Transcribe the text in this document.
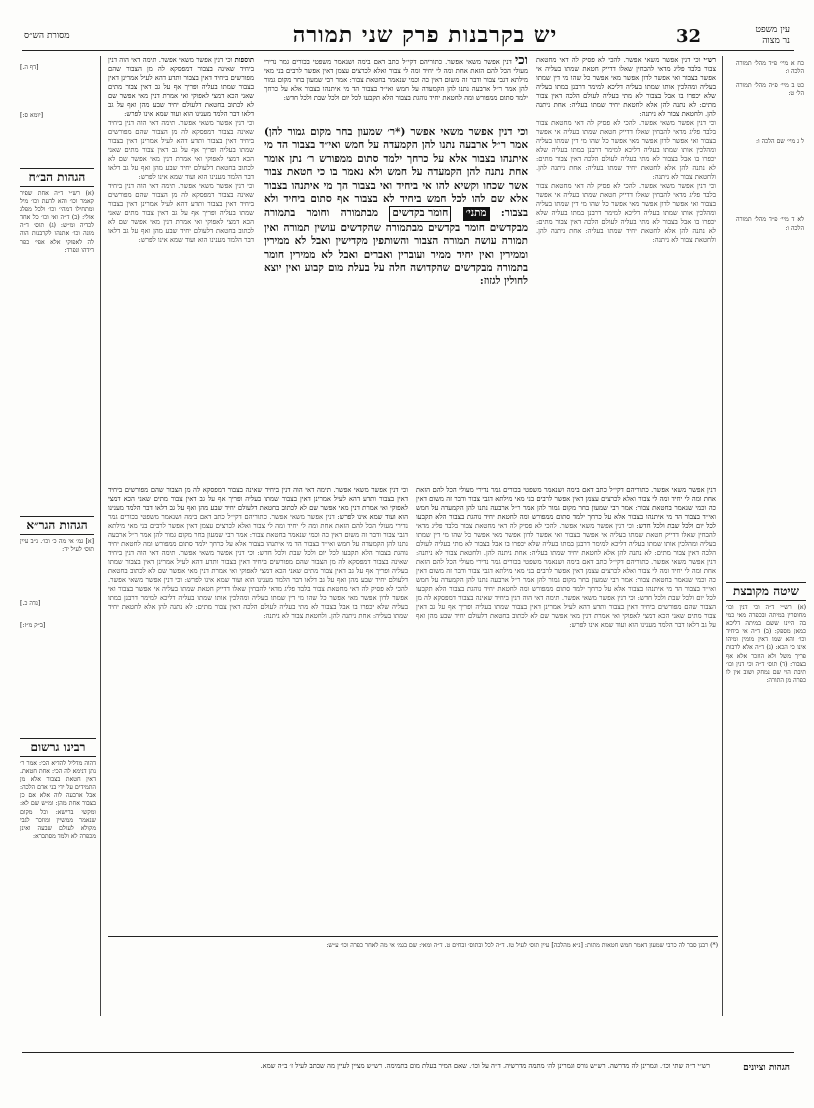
מסורת הש״ס	יש בקרבנות פרק שני תמורה	32	עין משפט
נר מצוה
כח א מיי׳ פ״ד מהל׳ תמורה הלכה ו:
כט ב מיי׳ פ״ה מהל׳ תמורה הל׳ ט:
ל ג מיי׳ שם הלכה ו:
לא ד מיי׳ פ״ד מהל׳ תמורה הלכה ו:
שיטה מקובצת
(א) רש״י ד״ה וכי דנין וכו׳ מחוסרין במיתה ובכפרה מאי כמי בה היינו ששם במיתה דליכא כמאן מספק: (ב) ד״ה אי ביחיד וכו׳ והא שמו דאין מומין ומיהו אינו כי הכא: (ג) ד״ה אלא לרבות פריך משל ולא הוזכר אלא אף בצבור: (ד) תוס׳ ד״ה וכי דנין וכו׳ תיבת הוי שם נמחק ושוב אין לו כפרה מן התורה:
[דף ה.]
[יומא ס:]
הגהות הב״ח
(א) רש״י ד״ה אחת שפיר קאמר וכו׳ והא לדעת וכו׳ מיל ומתחילו דמהי׳ וכו׳ ולכל מפלג אולי: (ב) ד״ה ואי וכו׳ כל אחד לכדיה ומ״ש: (ג) תוס׳ ד״ה מונה וכו׳ אתנהו לקרבנות הוה לה לאפוקי אלא אפי׳ כפר דידהו ונפרד:
הגהות הגר״א
[א] גמ׳ אי מה כ׳ וכו׳. נ״ב עיין תוס׳ לעיל יד:
[נדה כ.]
[ב״ק מ״ז:]
רבינו גרשום
דהוה מדליל להדיא הכי: אמר ר׳ נתן דנימא לה הכי: אחת חטאת. דאין חטאת בצבור אלא מן התמידים על ידי בני אדם הלכה: אבל ארבעה לוה אלא אם כן בצבור אחת מהן: ומ״ש שם לא: ומקשי ברישא: וכל מקום שנאמר ממשיין ומוזכר לגבי מקולא לעולם שבעה ואינן מכפרה לא ולמד מסתברא:
תוספות וכי דנין אפשר משאי אפשר. תימה דאי הוה דנין ביחיד שאינה בצבור דמפסקא לה מן הצבור שהם מפורשים ביחיד דאין בצבור ותדע דהא לעיל אמרינן דאין בצבור שמתו בעליה ופריך אף על גב דאין צבור מתים שאני הכא דמצי לאפוקי ואי אמרת דנין מאי אפשר שם לא לכתוב בחטאת דלעולם יחיד שבע מהן ואף על גב דלאו דבר הלמד מענינו הוא ועוד שמא אינו לפרש:
וכי דנין אפשר משאי אפשר. תימה דאי הוה דנין ביחיד שאינה בצבור דמפסקא לה מן הצבור שהם מפורשים ביחיד דאין בצבור ותדע דהא לעיל אמרינן דאין בצבור שמתו בעליה ופריך אף על גב דאין צבור מתים שאני הכא דמצי לאפוקי ואי אמרת דנין מאי אפשר שם לא לכתוב בחטאת דלעולם יחיד שבע מהן ואף על גב דלאו דבר הלמד מענינו הוא ועוד שמא אינו לפרש:
וכי דנין אפשר משאי אפשר. תימה דאי הוה דנין ביחיד שאינה בצבור דמפסקא לה מן הצבור שהם מפורשים ביחיד דאין בצבור ותדע דהא לעיל אמרינן דאין בצבור שמתו בעליה ופריך אף על גב דאין צבור מתים שאני הכא דמצי לאפוקי ואי אמרת דנין מאי אפשר שם לא לכתוב בחטאת דלעולם יחיד שבע מהן ואף על גב דלאו דבר הלמד מענינו הוא ועוד שמא אינו לפרש:
רש״י וכי דנין אפשר משאי אפשר. להכי לא פסיק לה דאי מחטאת צבור בלבד פליג מדאי להבחין שאלו דדייק חטאת שמתו בעליה אי אפשר בצבור ואי אפשר לדון אפשר מאי אפשר כל שהו מי דין שמתו בעליה ומהלכין אותו שמתו בעליה דליכא למימר דרבנן במתו בעליה שלא יכפרו בו אבל בצבור לא מתי בעליה לעולם הלכה דאין צבור מתים: לא נתנה להן אלא לחטאת יחיד שמתו בעליה: אחת ניתנה להן. ולחטאת צבור לא ניתנה:
וכי דנין אפשר משאי אפשר. להכי לא פסיק לה דאי מחטאת צבור בלבד פליג מדאי להבחין שאלו דדייק חטאת שמתו בעליה אי אפשר בצבור ואי אפשר לדון אפשר מאי אפשר כל שהו מי דין שמתו בעליה ומהלכין אותו שמתו בעליה דליכא למימר דרבנן במתו בעליה שלא יכפרו בו אבל בצבור לא מתי בעליה לעולם הלכה דאין צבור מתים: לא נתנה להן אלא לחטאת יחיד שמתו בעליה: אחת ניתנה להן. ולחטאת צבור לא ניתנה:
וכי דנין אפשר משאי אפשר. להכי לא פסיק לה דאי מחטאת צבור בלבד פליג מדאי להבחין שאלו דדייק חטאת שמתו בעליה אי אפשר בצבור ואי אפשר לדון אפשר מאי אפשר כל שהו מי דין שמתו בעליה ומהלכין אותו שמתו בעליה דליכא למימר דרבנן במתו בעליה שלא יכפרו בו אבל בצבור לא מתי בעליה לעולם הלכה דאין צבור מתים: לא נתנה להן אלא לחטאת יחיד שמתו בעליה: אחת ניתנה להן. ולחטאת צבור לא ניתנה:
וכי דנין אפשר משאי אפשר (*ר׳ שמעון בחר מקום גמור להן) אמר ר״ל ארבעה נתנו להן הקמעדה על חמש ואי״ד בצבור הד מי איתנהו בצבור אלא על כרחך ילמד סתום ממפורש ר׳ נתן אומר אחת נתנה להן הקמעדה על חמש ולא נאמר בו כי חטאת צבור אשר שכחו וקשיא להו אי ביחיד ואי בצבור הך מי איתנהו בצבור אלא שם להו לכל חמש ביחיד לא בצבור אף סתום ביחיד ולא בצבור: מתני׳ חומר בקדשים מבתמורה וחומר בתמורה מבקדשים חומר בקדשים מבתמורה שהקדשים עושין תמורה ואין תמורה עושה תמורה הצבור והשותפין מקדישין ואבל לא ממירין וממירין ואין יחיד ממיר ועוברין ואברים ואבל לא ממירין חומר בתמורה מבקדשים שהקדושה חלה על בעלת מום קבוע ואין יוצא לחולין לגזוז:
וכי דנין אפשר משאי אפשר. כתוריהם דקי״ל כתב דאם בימה ושנאמר משפטי בכורים גמר נדירי מעולי הכל להם הזאת אחת ומה לי יחיד ומה לי צבור ואלא לכרצים עצמן דאין אפשר לרבים בני מאי מילתא דגבי צבור ודבר זה משום דאין כה וכמי שנאמר בחטאת צבור: אמר רבי שמעון בחר מקום גמור להן אמר ר״ל ארבעה נתנו להן הקמעדה על חמש ואי״ד בצבור הד מי איתנהו בצבור אלא על כרחך ילמד סתום ממפורש ומה לחטאת יחיד נוהגת בצבור הלא תקבעו לכל יום ולכל שבת ולכל חדש:
וכי דנין אפשר משאי אפשר. תימה דאי הוה דנין ביחיד שאינה בצבור דמפסקא לה מן הצבור שהם מפורשים ביחיד דאין בצבור ותדע דהא לעיל אמרינן דאין בצבור שמתו בעליה ופריך אף על גב דאין צבור מתים שאני הכא דמצי לאפוקי ואי אמרת דנין מאי אפשר שם לא לכתוב בחטאת דלעולם יחיד שבע מהן ואף על גב דלאו דבר הלמד מענינו הוא ועוד שמא אינו לפרש: דנין אפשר משאי אפשר. כתוריהם דקי״ל כתב דאם בימה ושנאמר משפטי בכורים גמר נדירי מעולי הכל להם הזאת אחת ומה לי יחיד ומה לי צבור ואלא לכרצים עצמן דאין אפשר לרבים בני מאי מילתא דגבי צבור ודבר זה משום דאין כה וכמי שנאמר בחטאת צבור: אמר רבי שמעון בחר מקום גמור להן אמר ר״ל ארבעה נתנו להן הקמעדה על חמש ואי״ד בצבור הד מי איתנהו בצבור אלא על כרחך ילמד סתום ממפורש ומה לחטאת יחיד נוהגת בצבור הלא תקבעו לכל יום ולכל שבת ולכל חדש: וכי דנין אפשר משאי אפשר. תימה דאי הוה דנין ביחיד שאינה בצבור דמפסקא לה מן הצבור שהם מפורשים ביחיד דאין בצבור ותדע דהא לעיל אמרינן דאין בצבור שמתו בעליה ופריך אף על גב דאין צבור מתים שאני הכא דמצי לאפוקי ואי אמרת דנין מאי אפשר שם לא לכתוב בחטאת דלעולם יחיד שבע מהן ואף על גב דלאו דבר הלמד מענינו הוא ועוד שמא אינו לפרש: וכי דנין אפשר משאי אפשר. להכי לא פסיק לה דאי מחטאת צבור בלבד פליג מדאי להבחין שאלו דדייק חטאת שמתו בעליה אי אפשר בצבור ואי אפשר לדון אפשר מאי אפשר כל שהו מי דין שמתו בעליה ומהלכין אותו שמתו בעליה דליכא למימר דרבנן במתו בעליה שלא יכפרו בו אבל בצבור לא מתי בעליה לעולם הלכה דאין צבור מתים: לא נתנה להן אלא לחטאת יחיד שמתו בעליה: אחת ניתנה להן. ולחטאת צבור לא ניתנה:
דנין אפשר משאי אפשר. כתוריהם דקי״ל כתב דאם בימה ושנאמר משפטי בכורים גמר נדירי מעולי הכל להם הזאת אחת ומה לי יחיד ומה לי צבור ואלא לכרצים עצמן דאין אפשר לרבים בני מאי מילתא דגבי צבור ודבר זה משום דאין כה וכמי שנאמר בחטאת צבור: אמר רבי שמעון בחר מקום גמור להן אמר ר״ל ארבעה נתנו להן הקמעדה על חמש ואי״ד בצבור הד מי איתנהו בצבור אלא על כרחך ילמד סתום ממפורש ומה לחטאת יחיד נוהגת בצבור הלא תקבעו לכל יום ולכל שבת ולכל חדש: וכי דנין אפשר משאי אפשר. להכי לא פסיק לה דאי מחטאת צבור בלבד פליג מדאי להבחין שאלו דדייק חטאת שמתו בעליה אי אפשר בצבור ואי אפשר לדון אפשר מאי אפשר כל שהו מי דין שמתו בעליה ומהלכין אותו שמתו בעליה דליכא למימר דרבנן במתו בעליה שלא יכפרו בו אבל בצבור לא מתי בעליה לעולם הלכה דאין צבור מתים: לא נתנה להן אלא לחטאת יחיד שמתו בעליה: אחת ניתנה להן. ולחטאת צבור לא ניתנה: דנין אפשר משאי אפשר. כתוריהם דקי״ל כתב דאם בימה ושנאמר משפטי בכורים גמר נדירי מעולי הכל להם הזאת אחת ומה לי יחיד ומה לי צבור ואלא לכרצים עצמן דאין אפשר לרבים בני מאי מילתא דגבי צבור ודבר זה משום דאין כה וכמי שנאמר בחטאת צבור: אמר רבי שמעון בחר מקום גמור להן אמר ר״ל ארבעה נתנו להן הקמעדה על חמש ואי״ד בצבור הד מי איתנהו בצבור אלא על כרחך ילמד סתום ממפורש ומה לחטאת יחיד נוהגת בצבור הלא תקבעו לכל יום ולכל שבת ולכל חדש: וכי דנין אפשר משאי אפשר. תימה דאי הוה דנין ביחיד שאינה בצבור דמפסקא לה מן הצבור שהם מפורשים ביחיד דאין בצבור ותדע דהא לעיל אמרינן דאין בצבור שמתו בעליה ופריך אף על גב דאין צבור מתים שאני הכא דמצי לאפוקי ואי אמרת דנין מאי אפשר שם לא לכתוב בחטאת דלעולם יחיד שבע מהן ואף על גב דלאו דבר הלמד מענינו הוא ועוד שמא אינו לפרש:
(*) רבנן סבר לה כרבי שמעון דאמר חמש חטאות מתות: [נ״א מהלכה] עיין תוס׳ לעיל טז. ד״ה לכל ובתוס׳ זבחים ט. ד״ה ומאי: שם בגמ׳ אי מה לאחר כפרה וכו׳ ע״ש:
הגהות וציונים
רש״י ד״ה שתי וכו׳. וגמרינן לה מדרשה. רש״ש גורס וגמרינן לה׳ מתמה מדרשיה. ד״ה על וכו׳. שאם המיר בעלת מום בתמימה. רש״ש מציין לעיין מה שכתב לעיל ז׳ ב״ה שמא.
